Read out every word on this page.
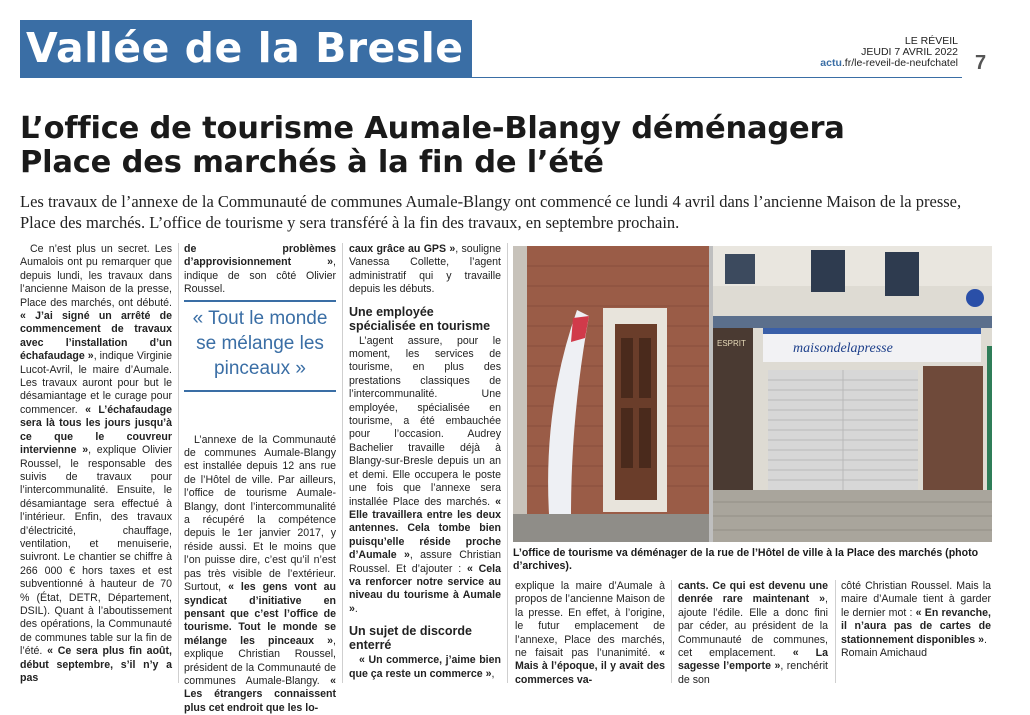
Vallée de la Bresle	LE RÉVEIL
JEUDI 7 AVRIL 2022
actu.fr/le-reveil-de-neufchatel 7
L’office de tourisme Aumale-Blangy déménagera
Place des marchés à la fin de l’été
Les travaux de l’annexe de la Communauté de communes Aumale-Blangy ont commencé ce lundi 4 avril dans l’ancienne Maison de la presse, Place des marchés. L’office de tourisme y sera transféré à la fin des travaux, en septembre prochain.

Ce n’est plus un secret. Les Aumalois ont pu remarquer que depuis lundi, les travaux dans l’ancienne Maison de la presse, Place des marchés, ont débuté. « J’ai signé un arrêté de commencement de travaux avec l’installation d’un échafaudage », indique Virginie Lucot-Avril, le maire d’Aumale. Les travaux auront pour but le désamiantage et le curage pour commencer. « L’échafaudage sera là tous les jours jusqu’à ce que le couvreur intervienne », explique Olivier Roussel, le responsable des suivis de travaux pour l’intercommunalité. Ensuite, le désamiantage sera effectué à l’intérieur. Enfin, des travaux d’électricité, chauffage, ventilation, et menuiserie, suivront. Le chantier se chiffre à 266 000 € hors taxes et est subventionné à hauteur de 70 % (État, DETR, Département, DSIL). Quant à l’aboutissement des opérations, la Communauté de communes table sur la fin de l’été. « Ce sera plus fin août, début septembre, s’il n’y a pas

de problèmes d’approvisionnement », indique de son côté Olivier Roussel.

L’annexe de la Communauté de communes Aumale-Blangy est installée depuis 12 ans rue de l’Hôtel de ville. Par ailleurs, l’office de tourisme Aumale-Blangy, dont l’intercommunalité a récupéré la compétence depuis le 1er janvier 2017, y réside aussi. Et le moins que l’on puisse dire, c’est qu’il n’est pas très visible de l’extérieur. Surtout, « les gens vont au syndicat d’initiative en pensant que c’est l’office de tourisme. Tout le monde se mélange les pinceaux », explique Christian Roussel, président de la Communauté de communes Aumale-Blangy. « Les étrangers connaissent plus cet endroit que les lo-

« Tout le monde se mélange les pinceaux »

caux grâce au GPS », souligne Vanessa Collette, l’agent administratif qui y travaille depuis les débuts.

Une employée spécialisée en tourisme

L’agent assure, pour le moment, les services de tourisme, en plus des prestations classiques de l’intercommunalité. Une employée, spécialisée en tourisme, a été embauchée pour l’occasion. Audrey Bachelier travaille déjà à Blangy-sur-Bresle depuis un an et demi. Elle occupera le poste une fois que l’annexe sera installée Place des marchés. « Elle travaillera entre les deux antennes. Cela tombe bien puisqu’elle réside proche d’Aumale », assure Christian Roussel. Et d’ajouter : « Cela va renforcer notre service au niveau du tourisme à Aumale ».

Un sujet de discorde enterré

« Un commerce, j’aime bien que ça reste un commerce »,

maisondelapresse
ESPRIT
L’office de tourisme va déménager de la rue de l’Hôtel de ville à la Place des marchés (photo d’archives).

explique la maire d’Aumale à propos de l’ancienne Maison de la presse. En effet, à l’origine, le futur emplacement de l’annexe, Place des marchés, ne faisait pas l’unanimité. « Mais à l’époque, il y avait des commerces va-

cants. Ce qui est devenu une denrée rare maintenant », ajoute l’édile. Elle a donc fini par céder, au président de la Communauté de communes, cet emplacement. « La sagesse l’emporte », renchérit de son

côté Christian Roussel. Mais la maire d’Aumale tient à garder le dernier mot : « En revanche, il n’aura pas de cartes de stationnement disponibles ».

Romain Amichaud
